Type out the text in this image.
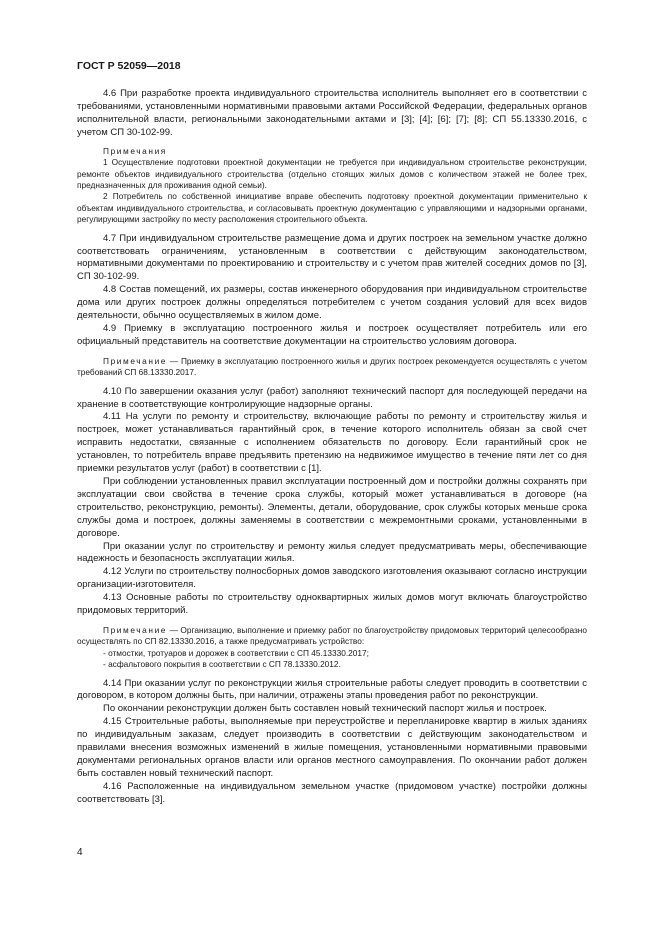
ГОСТ Р 52059—2018

4.6 При разработке проекта индивидуального строительства исполнитель выполняет его в соответствии с требованиями, установленными нормативными правовыми актами Российской Федерации, федеральных органов исполнительной власти, региональными законодательными актами и [3]; [4]; [6]; [7]; [8]; СП 55.13330.2016, с учетом СП 30-102-99.

Примечания

1 Осуществление подготовки проектной документации не требуется при индивидуальном строительстве реконструкции, ремонте объектов индивидуального строительства (отдельно стоящих жилых домов с количеством этажей не более трех, предназначенных для проживания одной семьи).

2 Потребитель по собственной инициативе вправе обеспечить подготовку проектной документации применительно к объектам индивидуального строительства, и согласовывать проектную документацию с управляющими и надзорными органами, регулирующими застройку по месту расположения строительного объекта.

4.7 При индивидуальном строительстве размещение дома и других построек на земельном участке должно соответствовать ограничениям, установленным в соответствии с действующим законодательством, нормативными документами по проектированию и строительству и с учетом прав жителей соседних домов по [3], СП 30-102-99.

4.8 Состав помещений, их размеры, состав инженерного оборудования при индивидуальном строительстве дома или других построек должны определяться потребителем с учетом создания условий для всех видов деятельности, обычно осуществляемых в жилом доме.

4.9 Приемку в эксплуатацию построенного жилья и построек осуществляет потребитель или его официальный представитель на соответствие документации на строительство условиям договора.

Примечание — Приемку в эксплуатацию построенного жилья и других построек рекомендуется осуществлять с учетом требований СП 68.13330.2017.

4.10 По завершении оказания услуг (работ) заполняют технический паспорт для последующей передачи на хранение в соответствующие контролирующие надзорные органы.

4.11 На услуги по ремонту и строительству, включающие работы по ремонту и строительству жилья и построек, может устанавливаться гарантийный срок, в течение которого исполнитель обязан за свой счет исправить недостатки, связанные с исполнением обязательств по договору. Если гарантийный срок не установлен, то потребитель вправе предъявить претензию на недвижимое имущество в течение пяти лет со дня приемки результатов услуг (работ) в соответствии с [1].

При соблюдении установленных правил эксплуатации построенный дом и постройки должны сохранять при эксплуатации свои свойства в течение срока службы, который может устанавливаться в договоре (на строительство, реконструкцию, ремонты). Элементы, детали, оборудование, срок службы которых меньше срока службы дома и построек, должны заменяемы в соответствии с межремонтными сроками, установленными в договоре.

При оказании услуг по строительству и ремонту жилья следует предусматривать меры, обеспечивающие надежность и безопасность эксплуатации жилья.

4.12 Услуги по строительству полносборных домов заводского изготовления оказывают согласно инструкции организации-изготовителя.

4.13 Основные работы по строительству одноквартирных жилых домов могут включать благоустройство придомовых территорий.

Примечание — Организацию, выполнение и приемку работ по благоустройству придомовых территорий целесообразно осуществлять по СП 82.13330.2016, а также предусматривать устройство:

- отмостки, тротуаров и дорожек в соответствии с СП 45.13330.2017;

- асфальтового покрытия в соответствии с СП 78.13330.2012.

4.14 При оказании услуг по реконструкции жилья строительные работы следует проводить в соответствии с договором, в котором должны быть, при наличии, отражены этапы проведения работ по реконструкции.

По окончании реконструкции должен быть составлен новый технический паспорт жилья и построек.

4.15 Строительные работы, выполняемые при переустройстве и перепланировке квартир в жилых зданиях по индивидуальным заказам, следует производить в соответствии с действующим законодательством и правилами внесения возможных изменений в жилые помещения, установленными нормативными правовыми документами региональных органов власти или органов местного самоуправления. По окончании работ должен быть составлен новый технический паспорт.

4.16 Расположенные на индивидуальном земельном участке (придомовом участке) постройки должны соответствовать [3].

4
